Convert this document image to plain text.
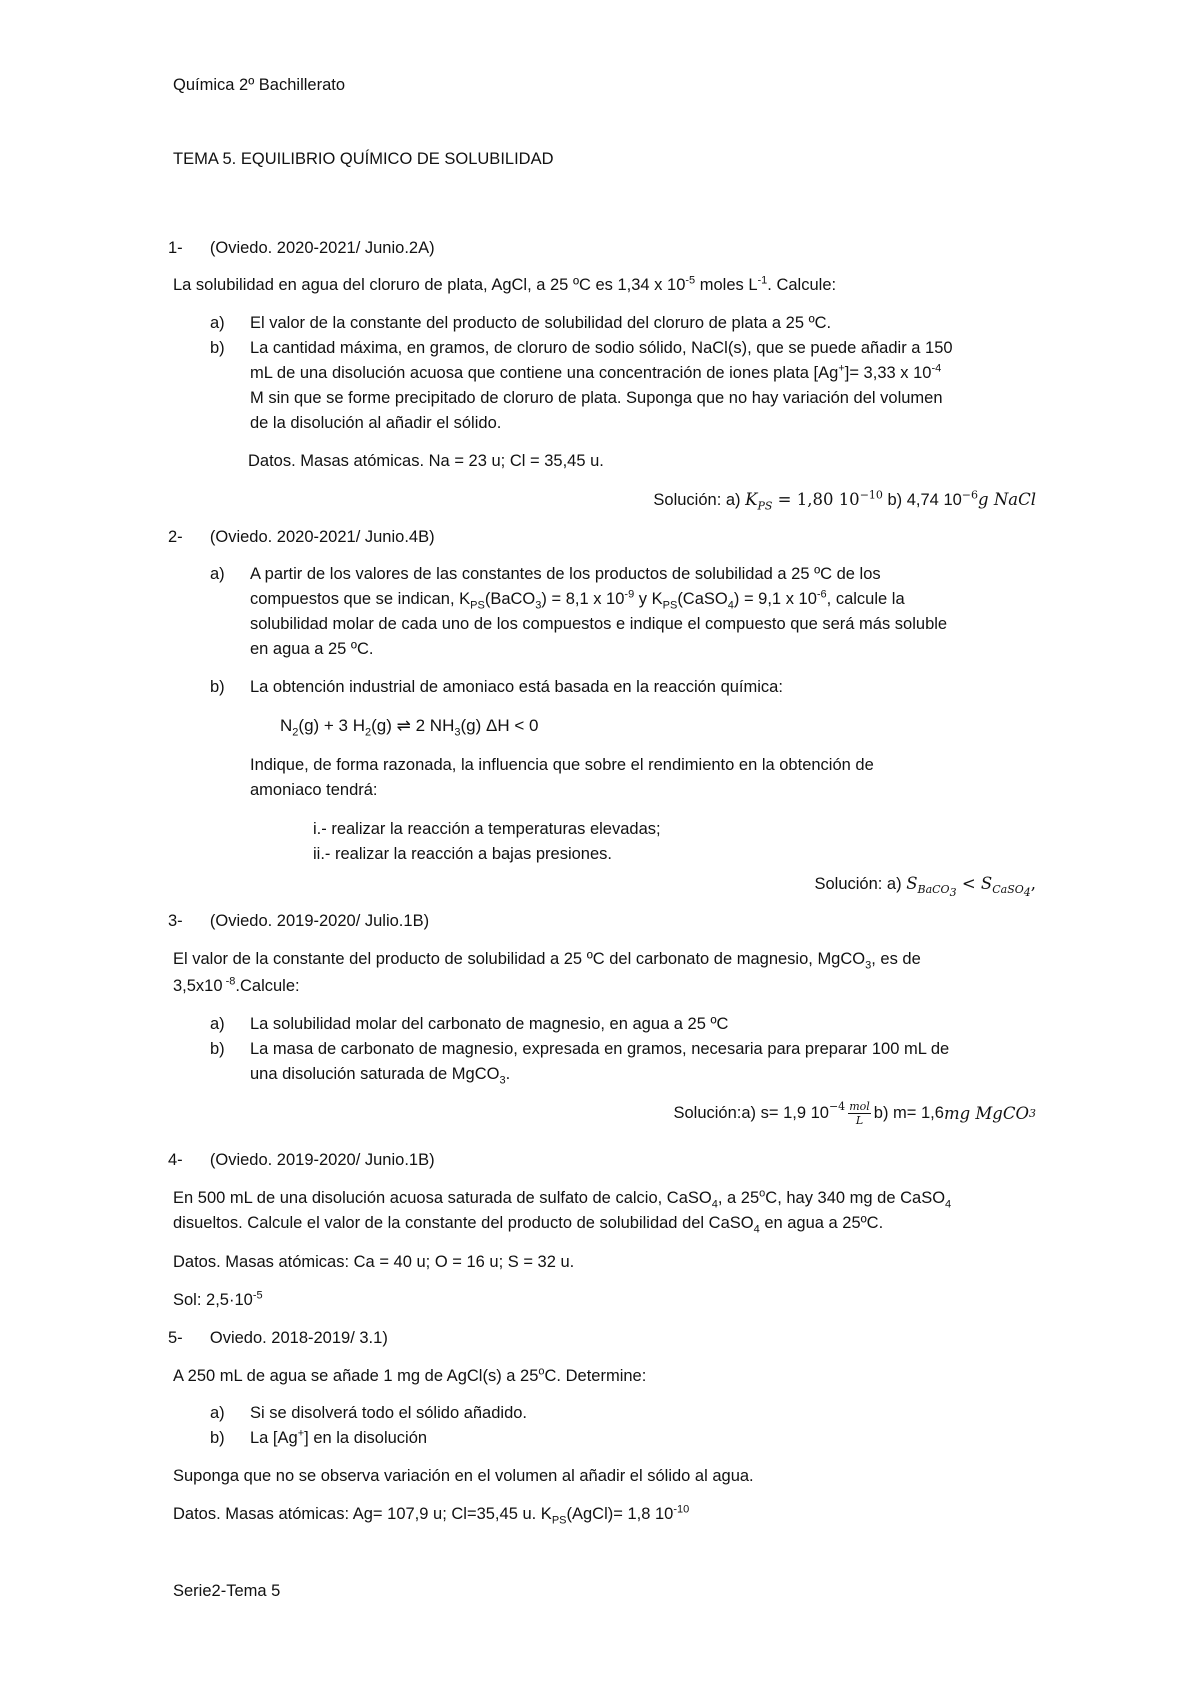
Química 2º Bachillerato
TEMA 5. EQUILIBRIO QUÍMICO DE SOLUBILIDAD
1- (Oviedo. 2020-2021/ Junio.2A)
La solubilidad en agua del cloruro de plata, AgCl, a 25 ºC es 1,34 x $10^{-5}$ moles $L^{-1}$. Calcule:
a) El valor de la constante del producto de solubilidad del cloruro de plata a 25 ºC.
b) La cantidad máxima, en gramos, de cloruro de sodio sólido, NaCl(s), que se puede añadir a 150
mL de una disolución acuosa que contiene una concentración de iones plata [Ag+]= 3,33 x $10^{-4}$
M sin que se forme precipitado de cloruro de plata. Suponga que no hay variación del volumen
de la disolución al añadir el sólido.
Datos. Masas atómicas. Na = 23 u; Cl = 35,45 u.
Solución: a) $K_{PS} = 1,80$ $10^{-10}$ b) 4,74 $10^{-6}g$ NaCl
2- (Oviedo. 2020-2021/ Junio.4B)
a) A partir de los valores de las constantes de los productos de solubilidad a 25 ºC de los
compuestos que se indican, $K_{PS}(BaCO_3) = 8,1$ x $10^{-9}$ y $K_{PS}(CaSO_4) = 9,1$ x $10^{-6}$, calcule la
solubilidad molar de cada uno de los compuestos e indique el compuesto que será más soluble
en agua a 25 ºC.
b) La obtención industrial de amoniaco está basada en la reacción química:
$N_2(g) + 3$ $H_2(g)$ ⇌ 2 $NH_3(g) \Delta H < 0$
Indique, de forma razonada, la influencia que sobre el rendimiento en la obtención de
amoniaco tendrá:
i.- realizar la reacción a temperaturas elevadas;
ii.- realizar la reacción a bajas presiones.
Solución: a) $S_{BaCO_3} < S_{CaSO_4}$,
3- (Oviedo. 2019-2020/ Julio.1B)
El valor de la constante del producto de solubilidad a 25 ºC del carbonato de magnesio, MgCO$_3$, es de
3,5x10 $^{-8}$.Calcule:
a) La solubilidad molar del carbonato de magnesio, en agua a 25 ºC
b) La masa de carbonato de magnesio, expresada en gramos, necesaria para preparar 100 mL de
una disolución saturada de MgCO$_3$.
Solución:a) s= 1,9 $10^{-4}$ mol
L b) m= 1,6 mg MgCO 3
4- (Oviedo. 2019-2020/ Junio.1B)
En 500 mL de una disolución acuosa saturada de sulfato de calcio, CaSO$_4$, a 25$^o$C, hay 340 mg de CaSO$_4$
disueltos. Calcule el valor de la constante del producto de solubilidad del CaSO$_4$ en agua a 25ºC.
Datos. Masas atómicas: Ca = 40 u; O = 16 u; S = 32 u.
Sol: $2,5\cdot 10^{-5}$
5- Oviedo. 2018-2019/ 3.1)
A 250 mL de agua se añade 1 mg de AgCl(s) a 25$^o$C. Determine:
a) Si se disolverá todo el sólido añadido.
b) La [Ag+] en la disolución
Suponga que no se observa variación en el volumen al añadir el sólido al agua.
Datos. Masas atómicas: Ag= 107,9 u; Cl=35,45 u. $K_{PS}(AgCl)= 1,8$ $10^{-10}$
Serie2-Tema 5
